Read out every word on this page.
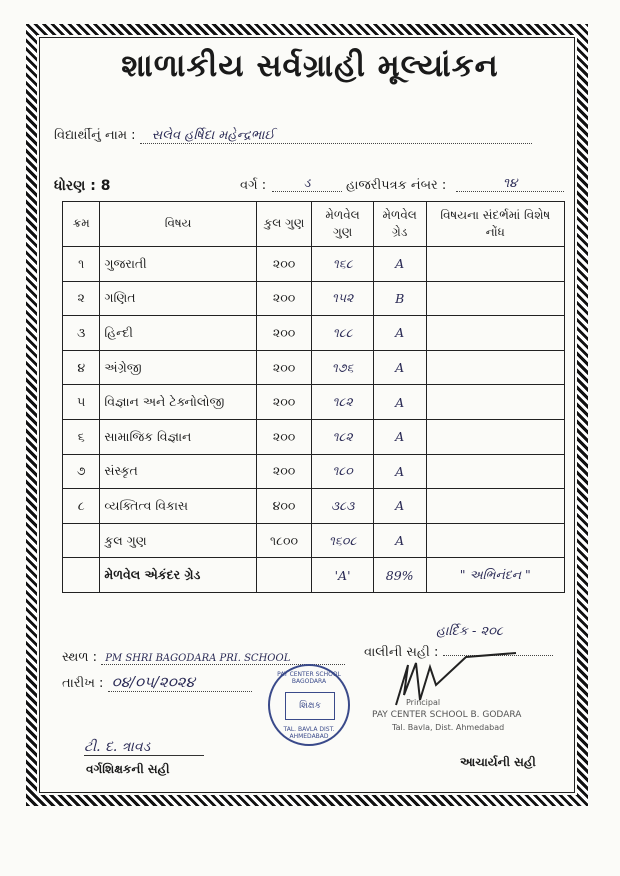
શાળાકીય સર્વગ્રાહી મૂલ્યાંકન
વિદ્યાર્થીનું નામ : સલેવ હર્ષિદા મહેન્દ્રભાઈ
ધોરણ : 8	વર્ગ :	ડ	હાજરીપત્રક નંબર :	૧૪
ક્રમ	વિષય	કુલ ગુણ	મેળવેલ ગુણ	મેળવેલ ગ્રેડ	વિષયના સંદર્ભમાં વિશેષ નોંધ
૧	ગુજરાતી	૨૦૦	૧૬૮	A	
૨	ગણિત	૨૦૦	૧૫૨	B	
૩	હિન્દી	૨૦૦	૧૮૮	A	
૪	અંગ્રેજી	૨૦૦	૧૭૬	A	
૫	વિજ્ઞાન અને ટેક્નોલોજી	૨૦૦	૧૮૨	A	
૬	સામાજિક વિજ્ઞાન	૨૦૦	૧૮૨	A	
૭	સંસ્કૃત	૨૦૦	૧૮૦	A	
૮	વ્યક્તિત્વ વિકાસ	૪૦૦	૩૮૩	A	
	કુલ ગુણ	૧૮૦૦	૧૬૦૮	A	
	મેળવેલ એકંદર ગ્રેડ		'A'	89%	" અભિનંદન "
હાર્દિક - ૨૦૮
સ્થળ : PM SHRI BAGODARA PRI. SCHOOL	વાલીની સહી :
તારીખ : ૦૪/૦૫/૨૦૨૪	PAY CENTER SCHOOL BAGODARA
શિક્ષક
TAL. BAVLA DIST. AHMEDABAD
Principal
PAY CENTER SCHOOL B. GODARA
Tal. Bavla, Dist. Ahmedabad
ટી. દ. ત્રાવડ
વર્ગશિક્ષકની સહી	આચાર્યની સહી
